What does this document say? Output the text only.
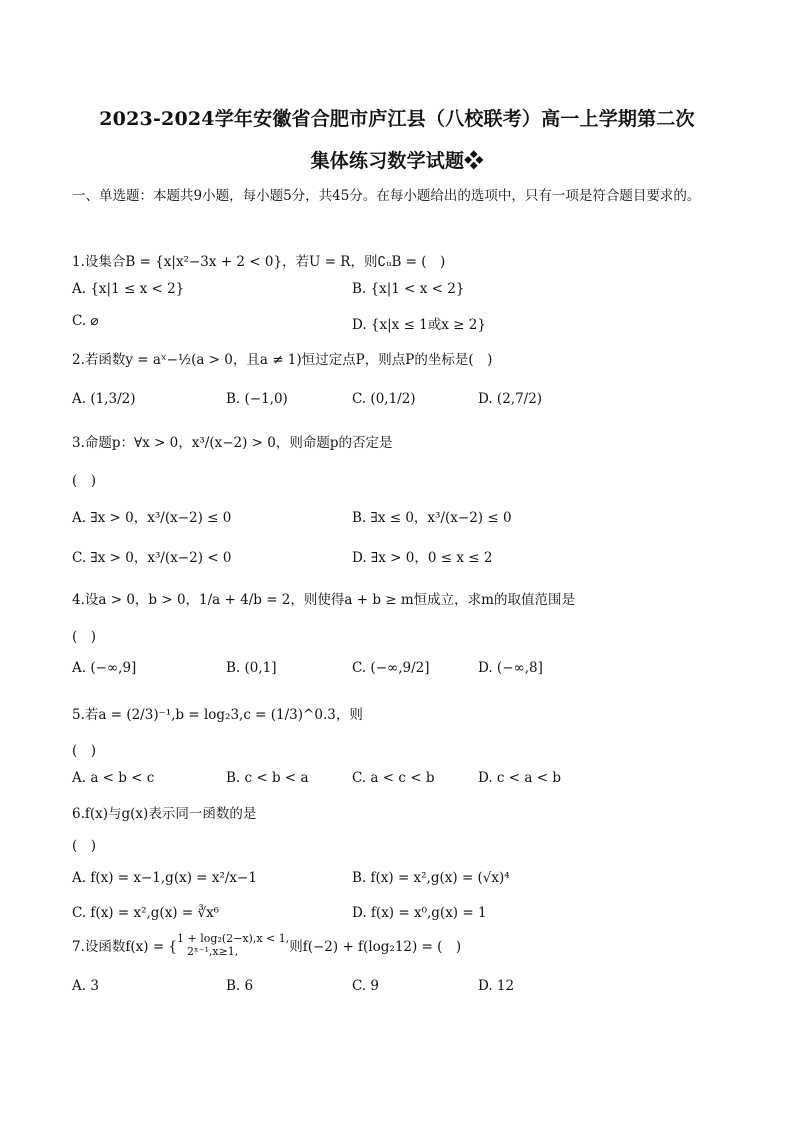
2023-2024学年安徽省合肥市庐江县（八校联考）高一上学期第二次
集体练习数学试题❖
一、单选题：本题共9小题，每小题5分，共45分。在每小题给出的选项中，只有一项是符合题目要求的。
1.设集合B = {x|x²−3x + 2 < 0}，若U = R，则∁ᵤB = (　)
A. {x|1 ≤ x < 2}	B. {x|1 < x < 2}
C. ⌀	D. {x|x ≤ 1或x ≥ 2}
2.若函数y = aˣ−½(a > 0，且a ≠ 1)恒过定点P，则点P的坐标是(　)
A. (1,3/2)	B. (−1,0)	C. (0,1/2)	D. (2,7/2)
3.命题p：∀x > 0，x³/(x−2) > 0，则命题p的否定是
(　)
A. ∃x > 0，x³/(x−2) ≤ 0	B. ∃x ≤ 0，x³/(x−2) ≤ 0
C. ∃x > 0，x³/(x−2) < 0	D. ∃x > 0，0 ≤ x ≤ 2
4.设a > 0，b > 0，1/a + 4/b = 2，则使得a + b ≥ m恒成立，求m的取值范围是
(　)
A. (−∞,9]	B. (0,1]	C. (−∞,9/2]	D. (−∞,8]
5.若a = (2/3)⁻¹,b = log₂3,c = (1/3)^0.3，则
(　)
A. a < b < c	B. c < b < a	C. a < c < b	D. c < a < b
6.f(x)与g(x)表示同一函数的是
(　)
A. f(x) = x−1,g(x) = x²/x−1	B. f(x) = x²,g(x) = (√x)⁴
C. f(x) = x²,g(x) = ∛x⁶	D. f(x) = x⁰,g(x) = 1
7.设函数f(x) = {
1 + log₂(2−x),x < 1,
2ˣ⁻¹,x≥1,	则f(−2) + f(log₂12) = (　)
A. 3	B. 6	C. 9	D. 12
